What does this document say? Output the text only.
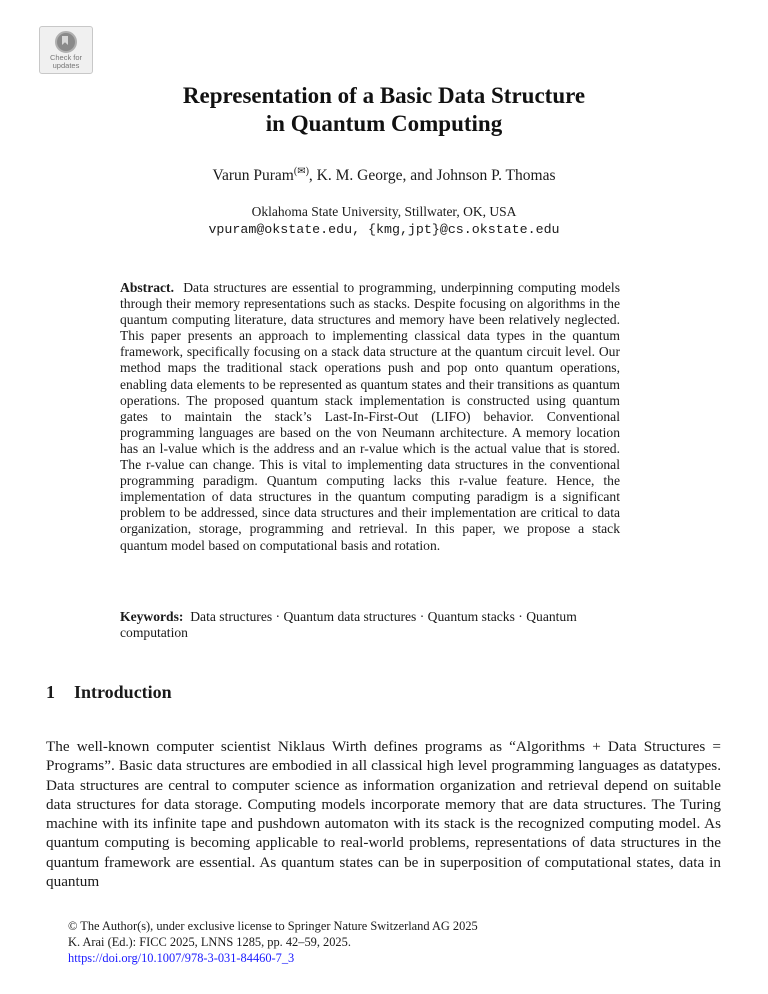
Check for
updates
Representation of a Basic Data Structure
in Quantum Computing
Varun Puram(✉), K. M. George, and Johnson P. Thomas
Oklahoma State University, Stillwater, OK, USA
vpuram@okstate.edu, {kmg,jpt}@cs.okstate.edu
Abstract. Data structures are essential to programming, underpinning computing models through their memory representations such as stacks. Despite focusing on algorithms in the quantum computing literature, data structures and memory have been relatively neglected. This paper presents an approach to implementing classical data types in the quantum framework, specifically focusing on a stack data structure at the quantum circuit level. Our method maps the traditional stack operations push and pop onto quantum operations, enabling data elements to be represented as quantum states and their transitions as quantum operations. The proposed quantum stack implementation is constructed using quantum gates to maintain the stack’s Last-In-First-Out (LIFO) behavior. Conventional programming languages are based on the von Neumann architecture. A memory location has an l-value which is the address and an r-value which is the actual value that is stored. The r-value can change. This is vital to implementing data structures in the conventional programming paradigm. Quantum computing lacks this r-value feature. Hence, the implementation of data structures in the quantum computing paradigm is a significant problem to be addressed, since data structures and their implementation are critical to data organization, storage, programming and retrieval. In this paper, we propose a stack quantum model based on computational basis and rotation.
Keywords: Data structures · Quantum data structures · Quantum stacks · Quantum computation
1 Introduction
The well-known computer scientist Niklaus Wirth defines programs as “Algorithms + Data Structures = Programs”. Basic data structures are embodied in all classical high level programming languages as datatypes. Data structures are central to computer science as information organization and retrieval depend on suitable data structures for data storage. Computing models incorporate memory that are data structures. The Turing machine with its infinite tape and pushdown automaton with its stack is the recognized computing model. As quantum computing is becoming applicable to real-world problems, representations of data structures in the quantum framework are essential. As quantum states can be in superposition of computational states, data in quantum
© The Author(s), under exclusive license to Springer Nature Switzerland AG 2025
K. Arai (Ed.): FICC 2025, LNNS 1285, pp. 42–59, 2025.
https://doi.org/10.1007/978-3-031-84460-7_3
